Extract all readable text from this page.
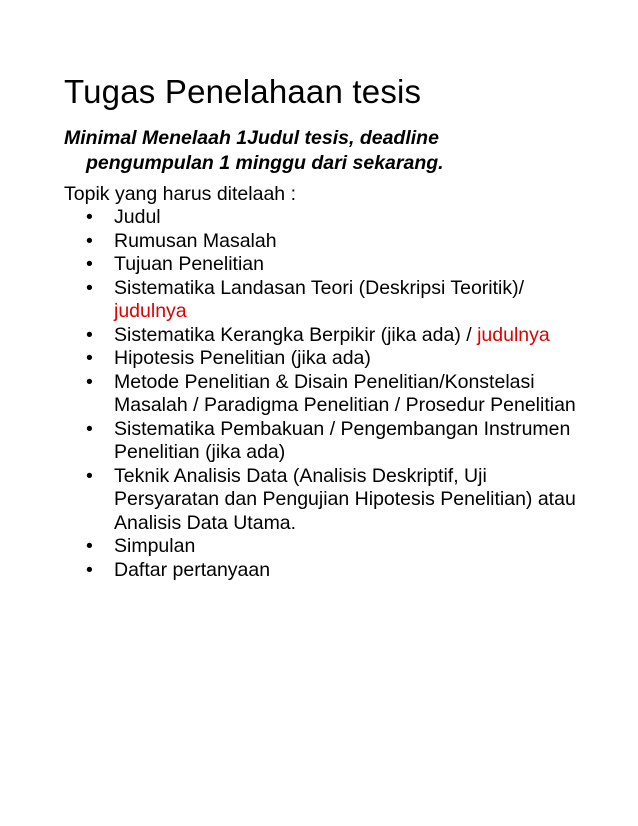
Tugas Penelahaan tesis

Minimal Menelaah 1Judul tesis, deadline
pengumpulan 1 minggu dari sekarang.

Topik yang harus ditelaah :

• Judul
• Rumusan Masalah
• Tujuan Penelitian
• Sistematika Landasan Teori (Deskripsi Teoritik)/ judulnya
• Sistematika Kerangka Berpikir (jika ada) / judulnya
• Hipotesis Penelitian (jika ada)
• Metode Penelitian & Disain Penelitian/Konstelasi Masalah / Paradigma Penelitian / Prosedur Penelitian
• Sistematika Pembakuan / Pengembangan Instrumen Penelitian (jika ada)
• Teknik Analisis Data (Analisis Deskriptif, Uji Persyaratan dan Pengujian Hipotesis Penelitian) atau Analisis Data Utama.
• Simpulan
• Daftar pertanyaan
